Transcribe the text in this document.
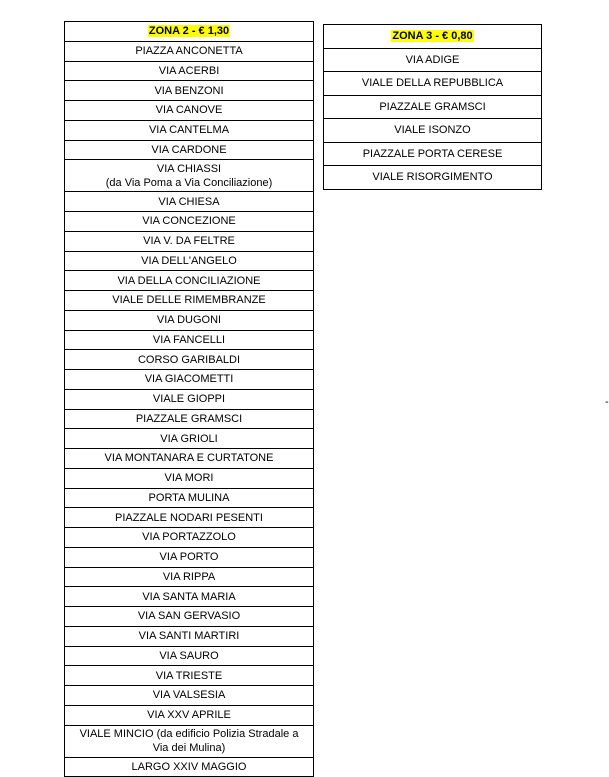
ZONA 2 - € 1,30

PIAZZA ANCONETTA

VIA ACERBI

VIA BENZONI

VIA CANOVE

VIA CANTELMA

VIA CARDONE

VIA CHIASSI
(da Via Poma a Via Conciliazione)

VIA CHIESA

VIA CONCEZIONE

VIA V. DA FELTRE

VIA DELL'ANGELO

VIA DELLA CONCILIAZIONE

VIALE DELLE RIMEMBRANZE

VIA DUGONI

VIA FANCELLI

CORSO GARIBALDI

VIA GIACOMETTI

VIALE GIOPPI

PIAZZALE GRAMSCI

VIA GRIOLI

VIA MONTANARA E CURTATONE

VIA MORI

PORTA MULINA

PIAZZALE NODARI PESENTI

VIA PORTAZZOLO

VIA PORTO

VIA RIPPA

VIA SANTA MARIA

VIA SAN GERVASIO

VIA SANTI MARTIRI

VIA SAURO

VIA TRIESTE

VIA VALSESIA

VIA XXV APRILE

VIALE MINCIO (da edificio Polizia Stradale a
Via dei Mulina)

LARGO XXIV MAGGIO
ZONA 3 - € 0,80

VIA ADIGE

VIALE DELLA REPUBBLICA

PIAZZALE GRAMSCI

VIALE ISONZO

PIAZZALE PORTA CERESE

VIALE RISORGIMENTO
-
